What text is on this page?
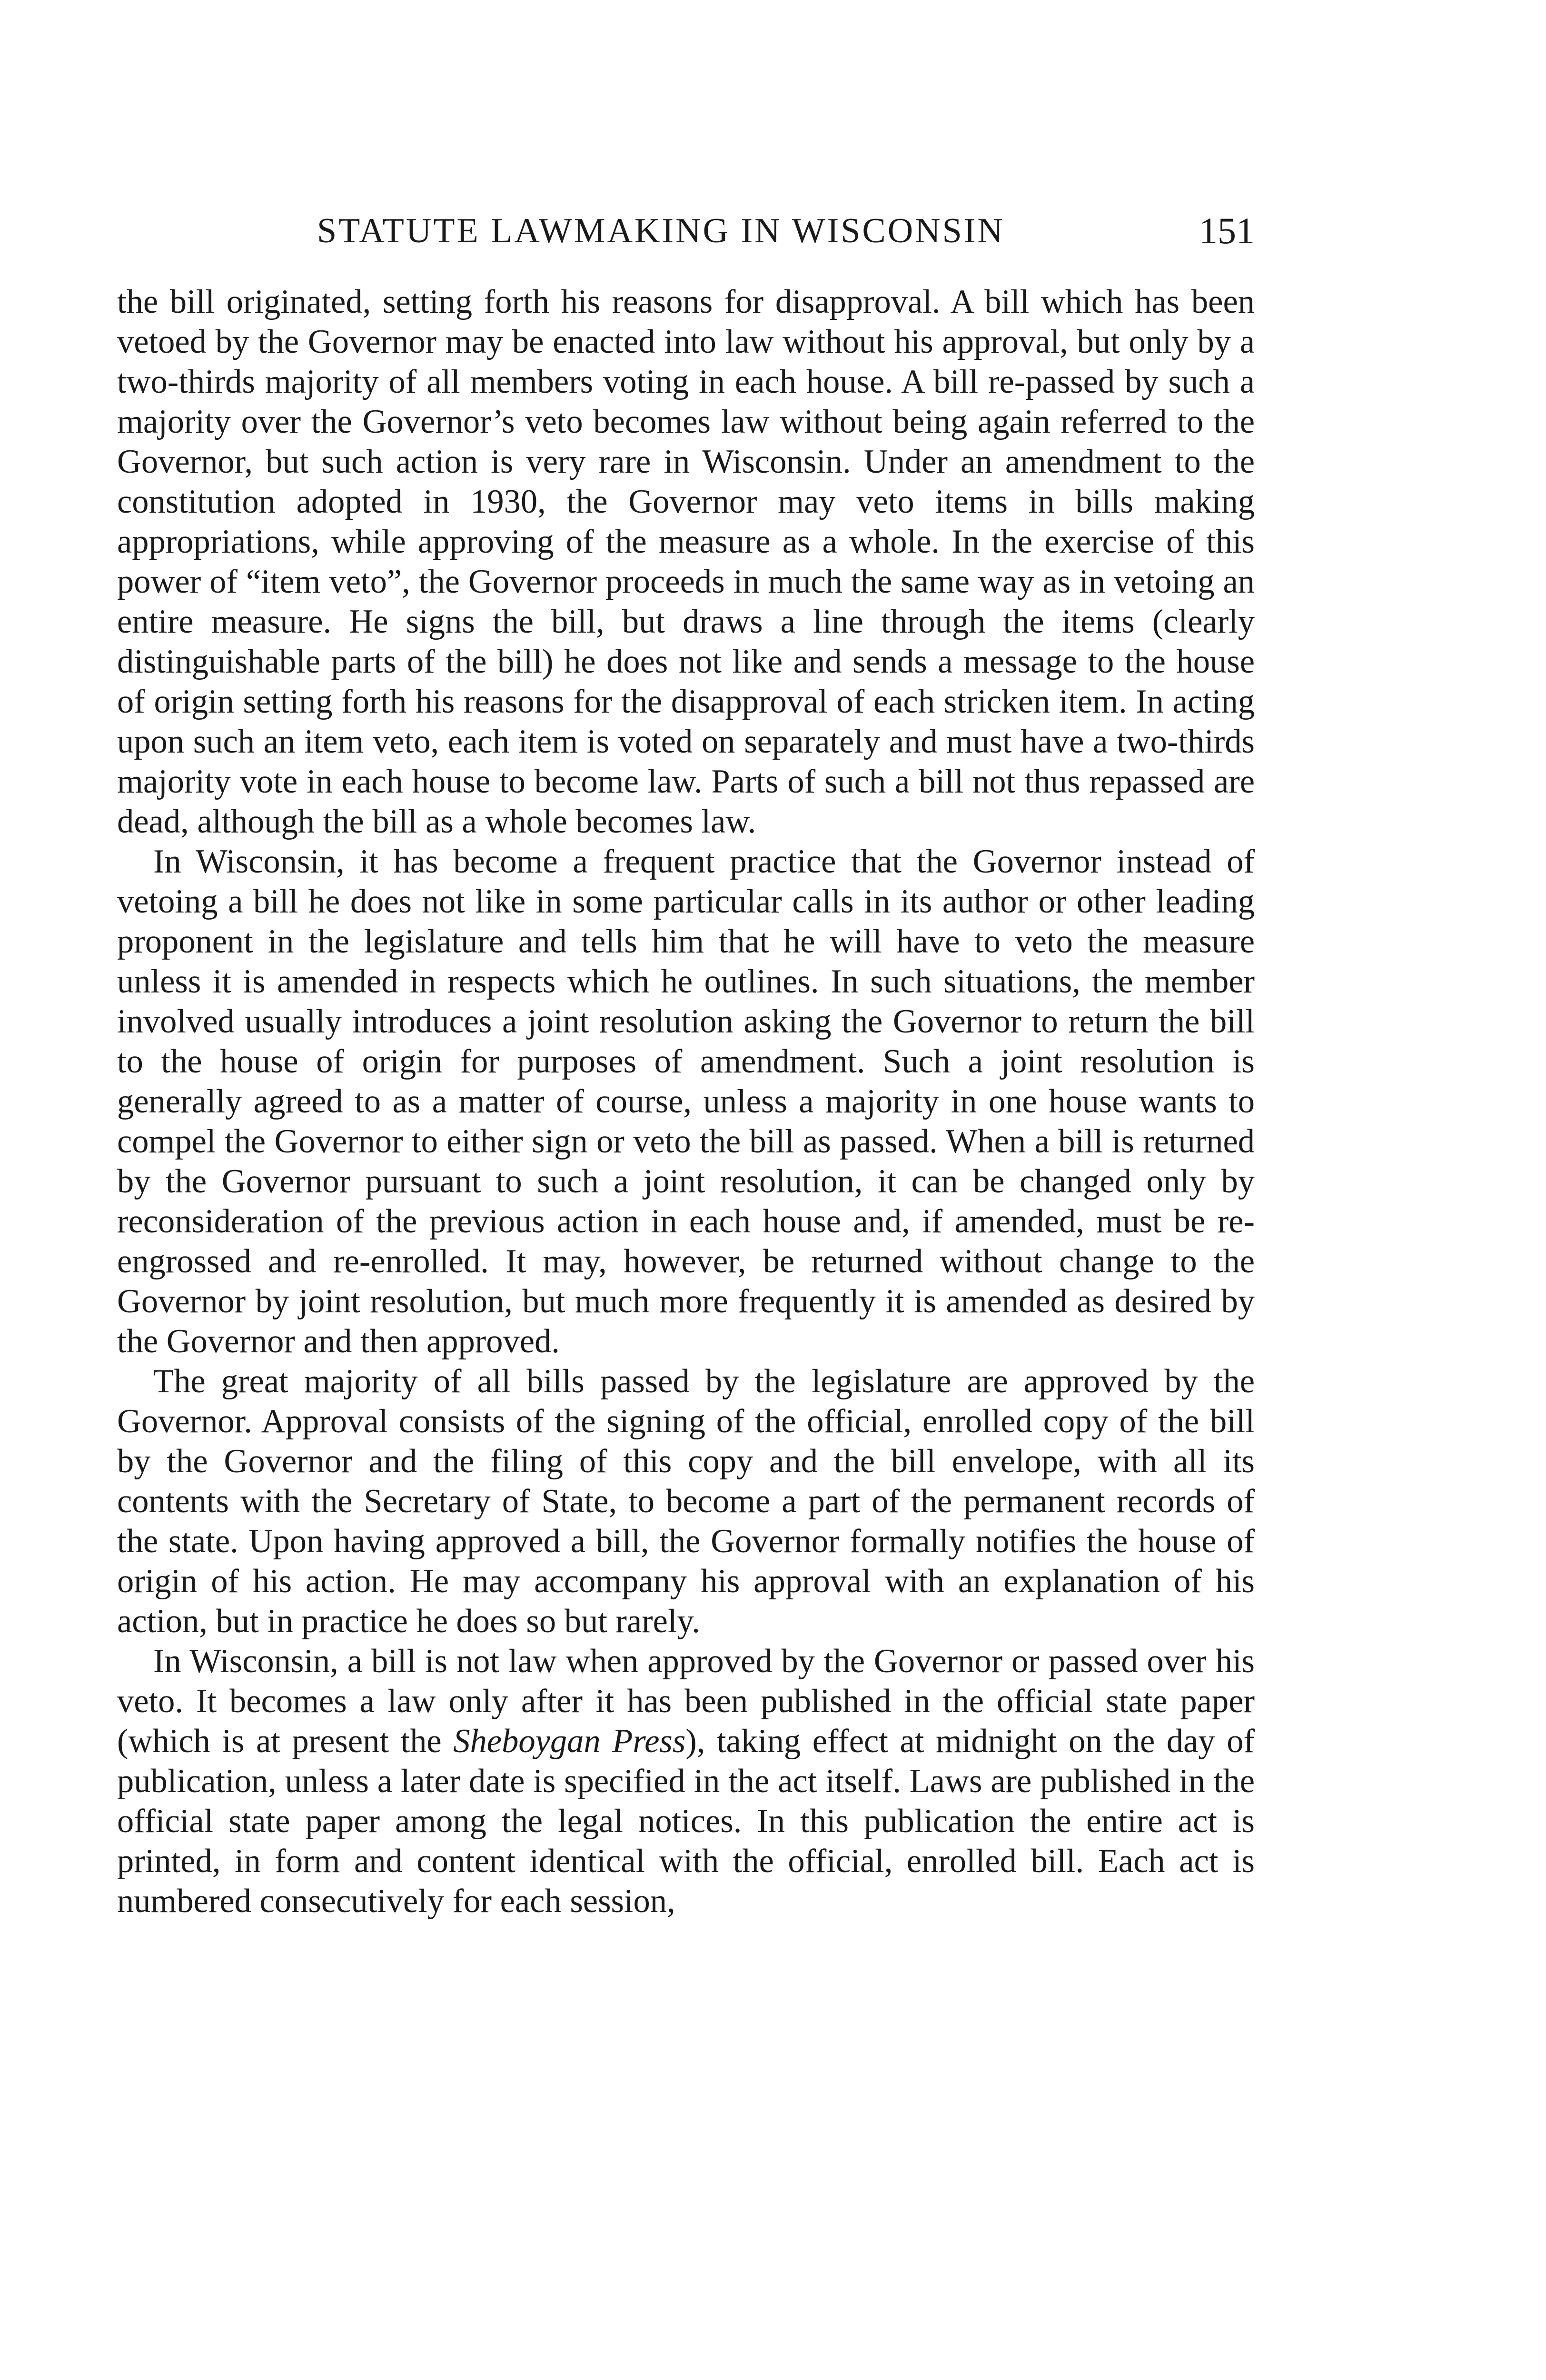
STATUTE LAWMAKING IN WISCONSIN	151

the bill originated, setting forth his reasons for disapproval. A bill which has been vetoed by the Governor may be enacted into law without his approval, but only by a two-thirds majority of all members voting in each house. A bill re-passed by such a majority over the Governor’s veto becomes law without being again referred to the Governor, but such action is very rare in Wisconsin. Under an amendment to the constitution adopted in 1930, the Governor may veto items in bills making appropriations, while approving of the measure as a whole. In the exercise of this power of “item veto”, the Governor proceeds in much the same way as in vetoing an entire measure. He signs the bill, but draws a line through the items (clearly distinguishable parts of the bill) he does not like and sends a message to the house of origin setting forth his reasons for the disapproval of each stricken item. In acting upon such an item veto, each item is voted on separately and must have a two-thirds majority vote in each house to become law. Parts of such a bill not thus repassed are dead, although the bill as a whole becomes law.

In Wisconsin, it has become a frequent practice that the Governor instead of vetoing a bill he does not like in some particular calls in its author or other leading proponent in the legislature and tells him that he will have to veto the measure unless it is amended in respects which he outlines. In such situations, the member involved usually introduces a joint resolution asking the Governor to return the bill to the house of origin for purposes of amendment. Such a joint resolution is generally agreed to as a matter of course, unless a majority in one house wants to compel the Governor to either sign or veto the bill as passed. When a bill is returned by the Governor pursuant to such a joint resolution, it can be changed only by reconsideration of the previous action in each house and, if amended, must be re-engrossed and re-enrolled. It may, however, be returned without change to the Governor by joint resolution, but much more frequently it is amended as desired by the Governor and then approved.

The great majority of all bills passed by the legislature are approved by the Governor. Approval consists of the signing of the official, enrolled copy of the bill by the Governor and the filing of this copy and the bill envelope, with all its contents with the Secretary of State, to become a part of the permanent records of the state. Upon having approved a bill, the Governor formally notifies the house of origin of his action. He may accompany his approval with an explanation of his action, but in practice he does so but rarely.

In Wisconsin, a bill is not law when approved by the Governor or passed over his veto. It becomes a law only after it has been published in the official state paper (which is at present the Sheboygan Press), taking effect at midnight on the day of publication, unless a later date is specified in the act itself. Laws are published in the official state paper among the legal notices. In this publication the entire act is printed, in form and content identical with the official, enrolled bill. Each act is numbered consecutively for each session,
